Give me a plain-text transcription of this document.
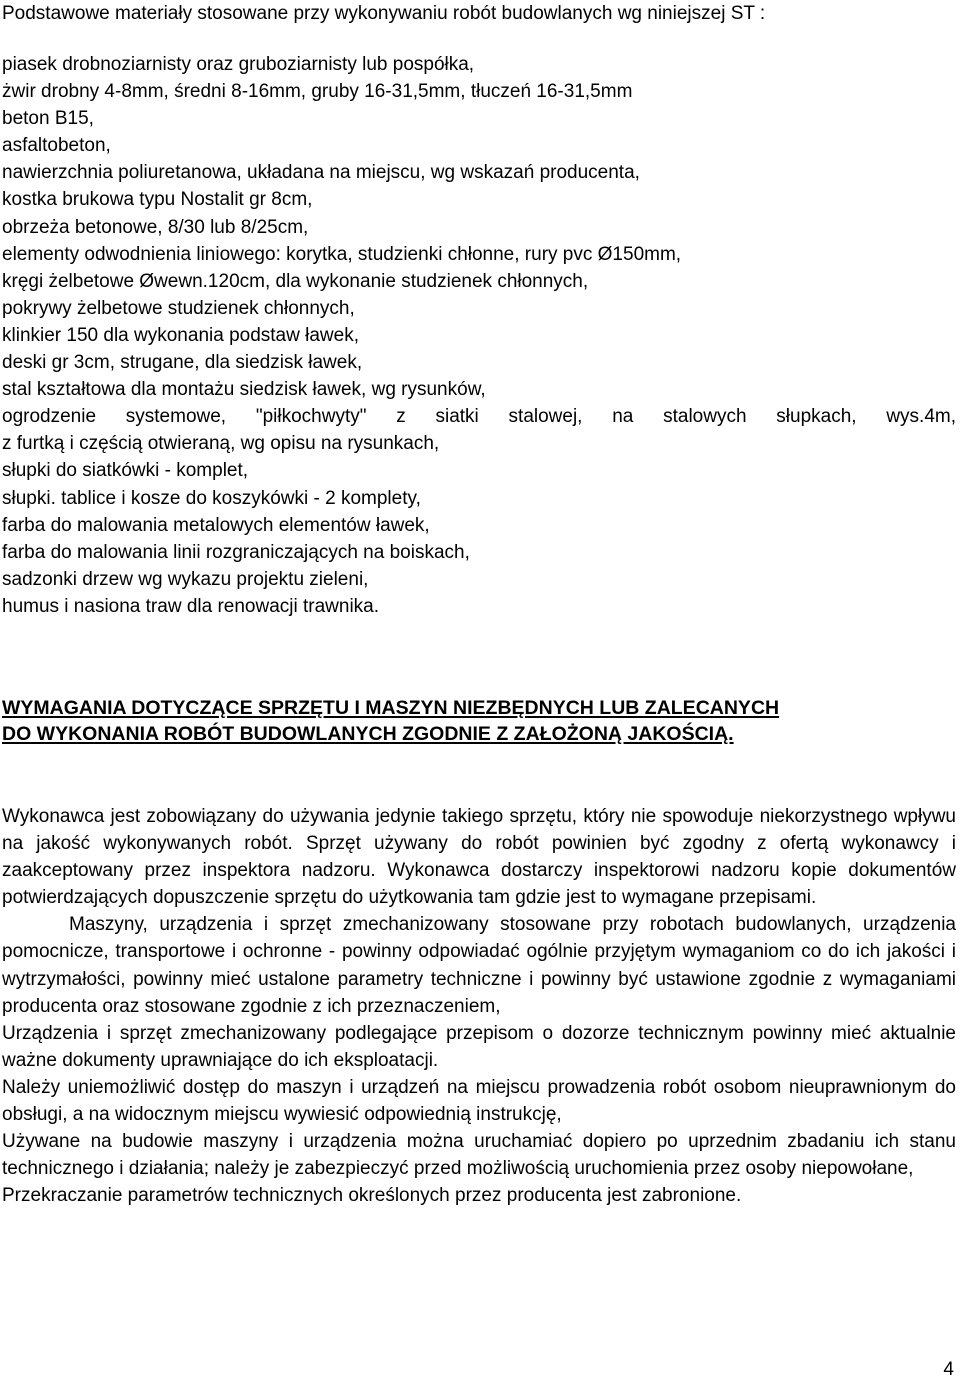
Podstawowe materiały stosowane przy wykonywaniu robót budowlanych wg niniejszej ST :
piasek drobnoziarnisty oraz gruboziarnisty lub pospółka,
żwir drobny 4-8mm, średni 8-16mm, gruby 16-31,5mm, tłuczeń 16-31,5mm
beton B15,
asfaltobeton,
nawierzchnia poliuretanowa, układana na miejscu, wg wskazań producenta,
kostka brukowa typu Nostalit gr 8cm,
obrzeża betonowe, 8/30 lub 8/25cm,
elementy odwodnienia liniowego: korytka, studzienki chłonne, rury pvc Ø150mm,
kręgi żelbetowe Øwewn.120cm, dla wykonanie studzienek chłonnych,
pokrywy żelbetowe studzienek chłonnych,
klinkier 150 dla wykonania podstaw ławek,
deski gr 3cm, strugane, dla siedzisk ławek,
stal kształtowa dla montażu siedzisk ławek, wg rysunków,
ogrodzenie systemowe, "piłkochwyty" z siatki stalowej, na stalowych słupkach, wys.4m,
z furtką i częścią otwieraną, wg opisu na rysunkach,
słupki do siatkówki - komplet,
słupki. tablice i kosze do koszykówki - 2 komplety,
farba do malowania metalowych elementów ławek,
farba do malowania linii rozgraniczających na boiskach,
sadzonki drzew wg wykazu projektu zieleni,
humus i nasiona traw dla renowacji trawnika.
WYMAGANIA DOTYCZĄCE SPRZĘTU I MASZYN NIEZBĘDNYCH LUB ZALECANYCH
DO WYKONANIA ROBÓT BUDOWLANYCH ZGODNIE Z ZAŁOŻONĄ JAKOŚCIĄ.

Wykonawca jest zobowiązany do używania jedynie takiego sprzętu, który nie spowoduje niekorzystnego wpływu na jakość wykonywanych robót. Sprzęt używany do robót powinien być zgodny z ofertą wykonawcy i zaakceptowany przez inspektora nadzoru. Wykonawca dostarczy inspektorowi nadzoru kopie dokumentów potwierdzających dopuszczenie sprzętu do użytkowania tam gdzie jest to wymagane przepisami.

Maszyny, urządzenia i sprzęt zmechanizowany stosowane przy robotach budowlanych, urządzenia pomocnicze, transportowe i ochronne - powinny odpowiadać ogólnie przyjętym wymaganiom co do ich jakości i wytrzymałości, powinny mieć ustalone parametry techniczne i powinny być ustawione zgodnie z wymaganiami producenta oraz stosowane zgodnie z ich przeznaczeniem,

Urządzenia i sprzęt zmechanizowany podlegające przepisom o dozorze technicznym powinny mieć aktualnie ważne dokumenty uprawniające do ich eksploatacji.

Należy uniemożliwić dostęp do maszyn i urządzeń na miejscu prowadzenia robót osobom nieuprawnionym do obsługi, a na widocznym miejscu wywiesić odpowiednią instrukcję,

Używane na budowie maszyny i urządzenia można uruchamiać dopiero po uprzednim zbadaniu ich stanu technicznego i działania; należy je zabezpieczyć przed możliwością uruchomienia przez osoby niepowołane,

Przekraczanie parametrów technicznych określonych przez producenta jest zabronione.

4
